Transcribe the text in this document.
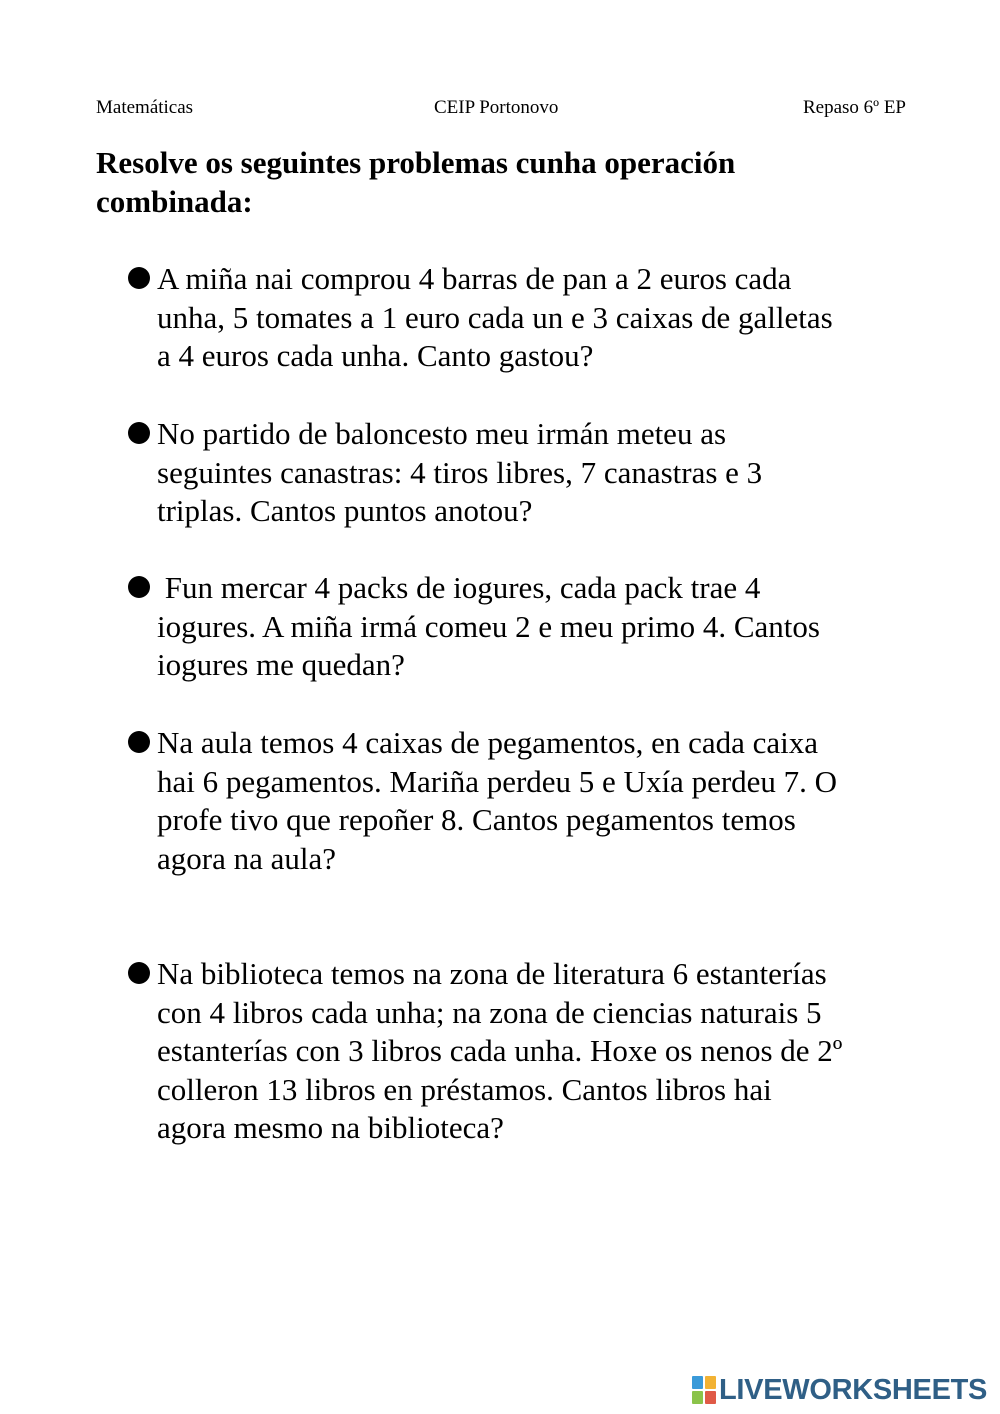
Matemáticas	CEIP Portonovo	Repaso 6º EP
Resolve os seguintes problemas cunha operación
combinada:
A miña nai comprou 4 barras de pan a 2 euros cada
unha, 5 tomates a 1 euro cada un e 3 caixas de galletas
a 4 euros cada unha. Canto gastou?
No partido de baloncesto meu irmán meteu as
seguintes canastras: 4 tiros libres, 7 canastras e 3
triplas. Cantos puntos anotou?
Fun mercar 4 packs de iogures, cada pack trae 4
iogures. A miña irmá comeu 2 e meu primo 4. Cantos
iogures me quedan?
Na aula temos 4 caixas de pegamentos, en cada caixa
hai 6 pegamentos. Mariña perdeu 5 e Uxía perdeu 7. O
profe tivo que repoñer 8. Cantos pegamentos temos
agora na aula?
Na biblioteca temos na zona de literatura 6 estanterías
con 4 libros cada unha; na zona de ciencias naturais 5
estanterías con 3 libros cada unha. Hoxe os nenos de 2º
colleron 13 libros en préstamos. Cantos libros hai
agora mesmo na biblioteca?
LIVEWORKSHEETS
